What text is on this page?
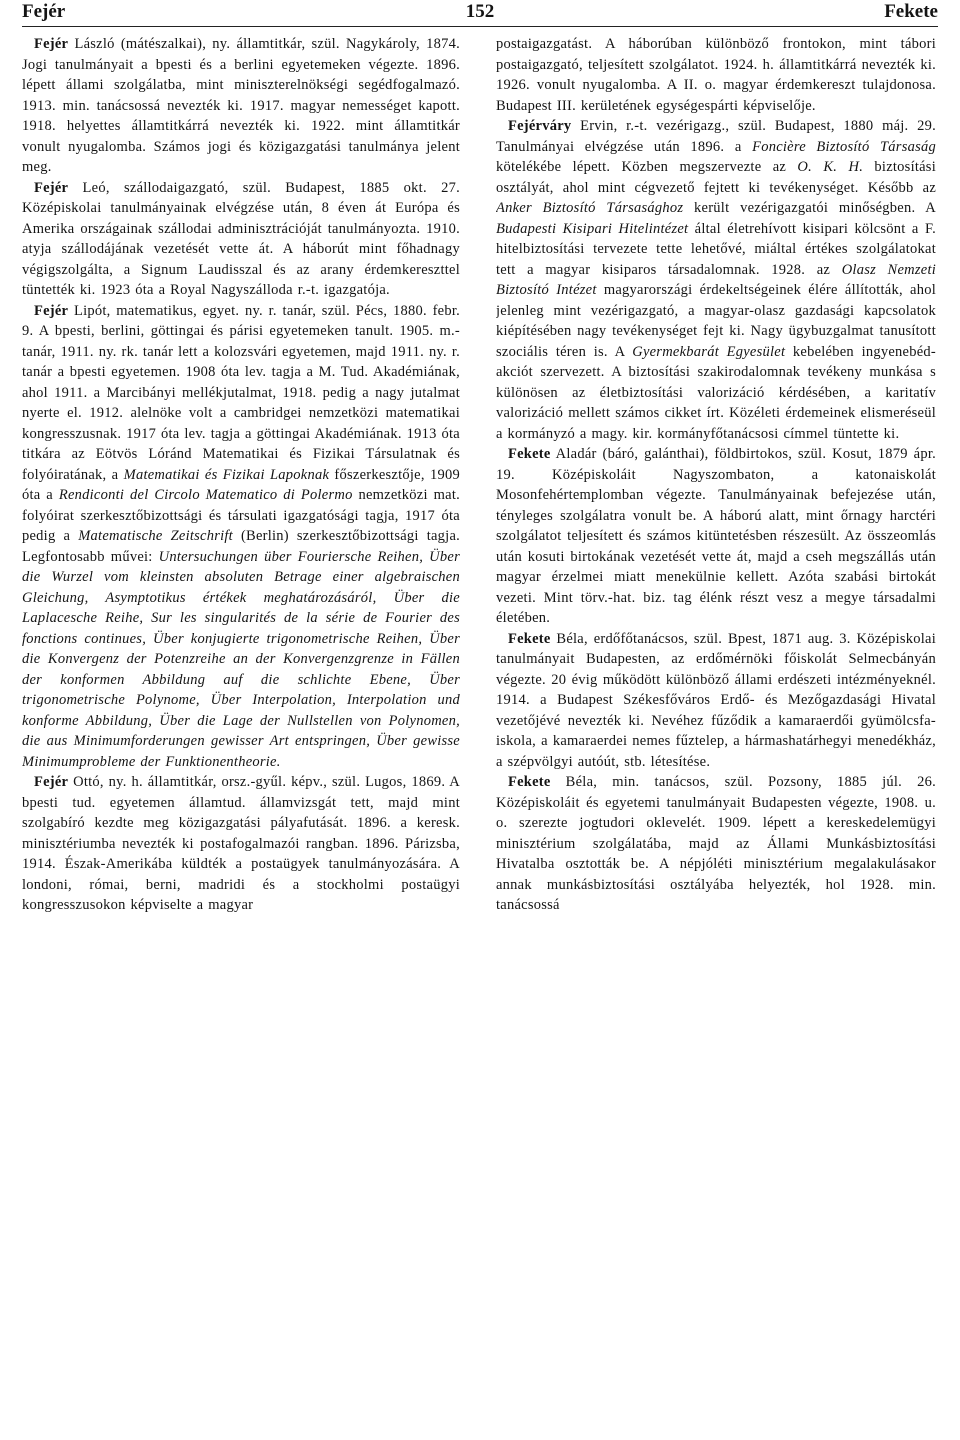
Fejér	152	Fekete

Fejér László (mátészalkai), ny. államtitkár, szül. Nagykároly, 1874. Jogi tanulmányait a bpesti és a berlini egyetemeken végezte. 1896. lépett állami szolgálatba, mint miniszterelnökségi segédfogalmazó. 1913. min. tanácsossá nevezték ki. 1917. magyar nemességet kapott. 1918. helyettes államtitkárrá nevezték ki. 1922. mint államtitkár vonult nyugalomba. Számos jogi és közigazgatási tanulmánya jelent meg.

Fejér Leó, szállodaigazgató, szül. Budapest, 1885 okt. 27. Középiskolai tanulmányainak elvégzése után, 8 éven át Európa és Amerika országainak szállodai adminisztrációját tanulmányozta. 1910. atyja szállodájának vezetését vette át. A háborút mint főhadnagy végigszolgálta, a Signum Laudisszal és az arany érdemkereszttel tüntették ki. 1923 óta a Royal Nagyszálloda r.-t. igazgatója.

Fejér Lipót, matematikus, egyet. ny. r. tanár, szül. Pécs, 1880. febr. 9. A bpesti, berlini, göttingai és párisi egyetemeken tanult. 1905. m.-tanár, 1911. ny. rk. tanár lett a kolozsvári egyetemen, majd 1911. ny. r. tanár a bpesti egyetemen. 1908 óta lev. tagja a M. Tud. Akadémiának, ahol 1911. a Marcibányi mellékjutalmat, 1918. pedig a nagy jutalmat nyerte el. 1912. alelnöke volt a cambridgei nemzetközi matematikai kongresszusnak. 1917 óta lev. tagja a göttingai Akadémiának. 1913 óta titkára az Eötvös Lóránd Matematikai és Fizikai Társulatnak és folyóiratának, a Matematikai és Fizikai Lapoknak főszerkesztője, 1909 óta a Rendiconti del Circolo Matematico di Polermo nemzetközi mat. folyóirat szerkesztőbizottsági és társulati igazgatósági tagja, 1917 óta pedig a Matematische Zeitschrift (Berlin) szerkesztőbizottsági tagja. Legfontosabb művei: Untersuchungen über Fouriersche Reihen, Über die Wurzel vom kleinsten absoluten Betrage einer algebraischen Gleichung, Asymptotikus értékek meghatározásáról, Über die Laplacesche Reihe, Sur les singularités de la série de Fourier des fonctions continues, Über konjugierte trigonometrische Reihen, Über die Konvergenz der Potenzreihe an der Konvergenzgrenze in Fällen der konformen Abbildung auf die schlichte Ebene, Über trigonometrische Polynome, Über Interpolation, Interpolation und konforme Abbildung, Über die Lage der Nullstellen von Polynomen, die aus Minimumforderungen gewisser Art entspringen, Über gewisse Minimumprobleme der Funktionentheorie.

Fejér Ottó, ny. h. államtitkár, orsz.-gyűl. képv., szül. Lugos, 1869. A bpesti tud. egyetemen államtud. államvizsgát tett, majd mint szolgabíró kezdte meg közigazgatási pályafutását. 1896. a keresk. minisztériumba nevezték ki postafogalmazói rangban. 1896. Párizsba, 1914. Észak-Amerikába küldték a postaügyek tanulmányozására. A londoni, római, berni, madridi és a stockholmi postaügyi kongresszusokon képviselte a magyar

postaigazgatást. A háborúban különböző frontokon, mint tábori postaigazgató, teljesített szolgálatot. 1924. h. államtitkárrá nevezték ki. 1926. vonult nyugalomba. A II. o. magyar érdemkereszt tulajdonosa. Budapest III. kerületének egységespárti képviselője.

Fejérváry Ervin, r.-t. vezérigazg., szül. Budapest, 1880 máj. 29. Tanulmányai elvégzése után 1896. a Foncière Biztosító Társaság kötelékébe lépett. Közben megszervezte az O. K. H. biztosítási osztályát, ahol mint cégvezető fejtett ki tevékenységet. Később az Anker Biztosító Társasághoz került vezérigazgatói minőségben. A Budapesti Kisipari Hitelintézet által életrehívott kisipari kölcsönt a F. hitelbiztosítási tervezete tette lehetővé, miáltal értékes szolgálatokat tett a magyar kisiparos társadalomnak. 1928. az Olasz Nemzeti Biztosító Intézet magyarországi érdekeltségeinek élére állították, ahol jelenleg mint vezérigazgató, a magyar-olasz gazdasági kapcsolatok kiépítésében nagy tevékenységet fejt ki. Nagy ügybuzgalmat tanusított szociális téren is. A Gyermekbarát Egyesület kebelében ingyenebéd-akciót szervezett. A biztosítási szakirodalomnak tevékeny munkása s különösen az életbiztosítási valorizáció kérdésében, a karitatív valorizáció mellett számos cikket írt. Közéleti érdemeinek elismeréseül a kormányzó a magy. kir. kormányfőtanácsosi címmel tüntette ki.

Fekete Aladár (báró, galánthai), földbirtokos, szül. Kosut, 1879 ápr. 19. Középiskoláit Nagyszombaton, a katonaiskolát Mosonfehértemplomban végezte. Tanulmányainak befejezése után, tényleges szolgálatra vonult be. A háború alatt, mint őrnagy harctéri szolgálatot teljesített és számos kitüntetésben részesült. Az összeomlás után kosuti birtokának vezetését vette át, majd a cseh megszállás után magyar érzelmei miatt menekülnie kellett. Azóta szabási birtokát vezeti. Mint törv.-hat. biz. tag élénk részt vesz a megye társadalmi életében.

Fekete Béla, erdőfőtanácsos, szül. Bpest, 1871 aug. 3. Középiskolai tanulmányait Budapesten, az erdőmérnöki főiskolát Selmecbányán végezte. 20 évig működött különböző állami erdészeti intézményeknél. 1914. a Budapest Székesfőváros Erdő- és Mezőgazdasági Hivatal vezetőjévé nevezték ki. Nevéhez fűződik a kamaraerdői gyümölcsfa-iskola, a kamaraerdei nemes fűztelep, a hármashatárhegyi menedékház, a szépvölgyi autóút, stb. létesítése.

Fekete Béla, min. tanácsos, szül. Pozsony, 1885 júl. 26. Középiskoláit és egyetemi tanulmányait Budapesten végezte, 1908. u. o. szerezte jogtudori oklevelét. 1909. lépett a kereskedelemügyi minisztérium szolgálatába, majd az Állami Munkásbiztosítási Hivatalba osztották be. A népjóléti minisztérium megalakulásakor annak munkásbiztosítási osztályába helyezték, hol 1928. min. tanácsossá
